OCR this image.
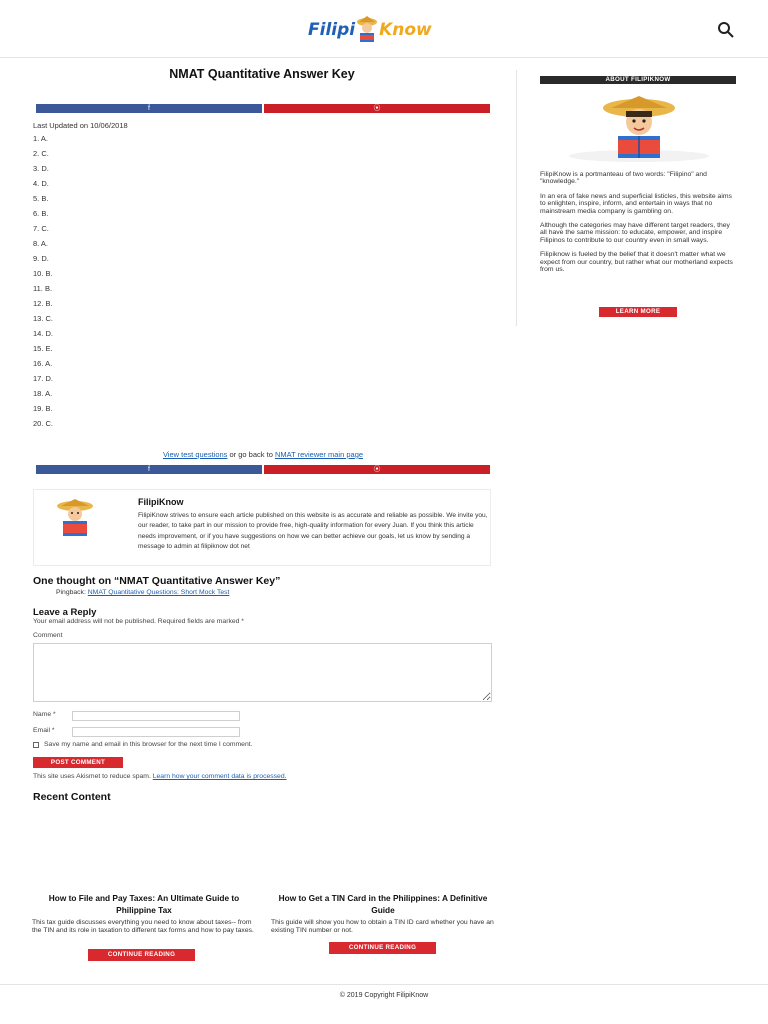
Filipi Know
NMAT Quantitative Answer Key
f	⦿
Last Updated on 10/06/2018
1. A.
2. C.
3. D.
4. D.
5. B.
6. B.
7. C.
8. A.
9. D.
10. B.
11. B.
12. B.
13. C.
14. D.
15. E.
16. A.
17. D.
18. A.
19. B.
20. C.
View test questions or go back to NMAT reviewer main page
f	⦿
FilipiKnow
FilipiKnow strives to ensure each article published on this website is as accurate and reliable as possible. We invite you, our reader, to take part in our mission to provide free, high-quality information for every Juan. If you think this article needs improvement, or if you have suggestions on how we can better achieve our goals, let us know by sending a message to admin at filipiknow dot net
One thought on “NMAT Quantitative Answer Key”
Pingback: NMAT Quantitative Questions: Short Mock Test
Leave a Reply
Your email address will not be published. Required fields are marked *
Comment
Name *
Email *
Save my name and email in this browser for the next time I comment.
POST COMMENT
This site uses Akismet to reduce spam. Learn how your comment data is processed.
Recent Content
How to File and Pay Taxes: An Ultimate Guide to Philippine Tax
This tax guide discusses everything you need to know about taxes-- from the TIN and its role in taxation to different tax forms and how to pay taxes.
CONTINUE READING
How to Get a TIN Card in the Philippines: A Definitive Guide
This guide will show you how to obtain a TIN ID card whether you have an existing TIN number or not.
CONTINUE READING
ABOUT FILIPIKNOW

FilipiKnow is a portmanteau of two words: "Filipino" and "knowledge."

In an era of fake news and superficial listicles, this website aims to enlighten, inspire, inform, and entertain in ways that no mainstream media company is gambling on.

Although the categories may have different target readers, they all have the same mission: to educate, empower, and inspire Filipinos to contribute to our country even in small ways.

Filipiknow is fueled by the belief that it doesn't matter what we expect from our country, but rather what our motherland expects from us.

LEARN MORE
© 2019 Copyright FilipiKnow
